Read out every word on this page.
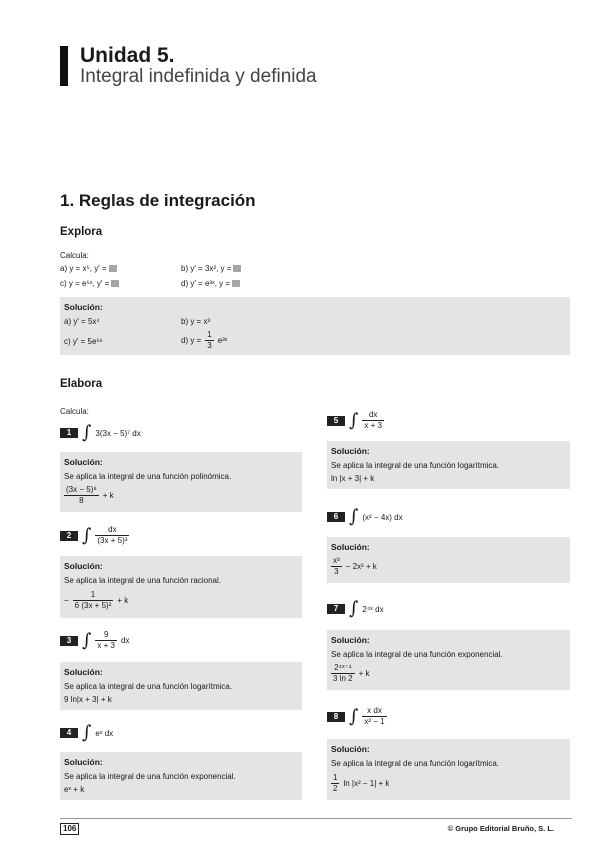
Unidad 5.
Integral indefinida y definida
1. Reglas de integración
Explora
Calcula:
a) y = x⁵, y′ =	b) y′ = 3x², y =
c) y = e⁵ˣ, y′ =	d) y′ = e³ˣ, y =
Solución:
a) y′ = 5x⁴	b) y = x³
c) y′ = 5e⁵ˣ	d) $y = \frac{1}{3}$ e³ˣ
Elabora
Calcula:
1 ∫ 3(3x − 5)⁷ dx
Solución:
Se aplica la integral de una función polinómica.
$\frac{\text{(3x − 5)⁸}}{8} + k$
2 ∫ $\frac{dx}{\text{(3x + 5)³}}$
Solución:
Se aplica la integral de una función racional.
− $\frac{1}{\text{6 (3x + 5)²}} + k$
3 ∫ $\frac{9}{x + 3}$ dx
Solución:
Se aplica la integral de una función logarítmica.
9 ln|x + 3| + k
4 ∫ eˣ dx
Solución:
Se aplica la integral de una función exponencial.
eˣ + k
5 ∫ $\frac{dx}{x + 3}$
Solución:
Se aplica la integral de una función logarítmica.
ln |x + 3| + k
6 ∫ (x² − 4x) dx
Solución:
$\frac{\text{x³}}{3} - 2x^2 + k$
7 ∫ 2⁴ˣ dx
Solución:
Se aplica la integral de una función exponencial.
$\frac{\text{2⁴ˣ⁻¹}}{3 \ln 2} + k$
8 ∫ $\frac{\text{x dx}}{\text{x² − 1}}$
Solución:
Se aplica la integral de una función logarítmica.
$\frac{1}{2}$ ln |x² − 1| + k
106	© Grupo Editorial Bruño, S. L.
